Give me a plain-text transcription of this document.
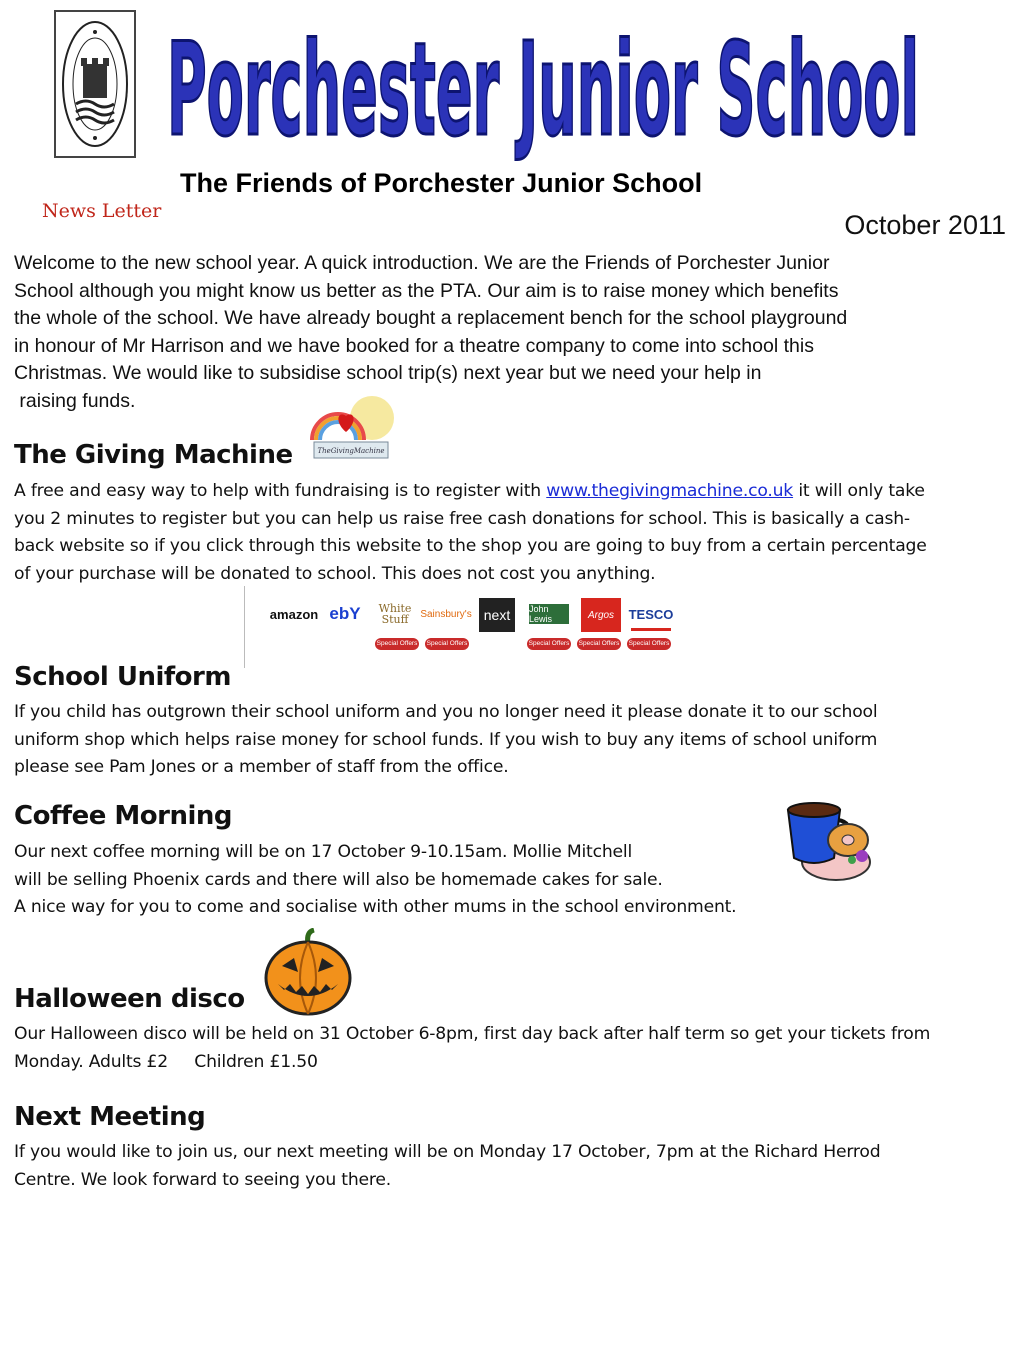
Porchester Junior School
The Friends of Porchester Junior School
News Letter	October 2011

Welcome to the new school year. A quick introduction. We are the Friends of Porchester Junior

School although you might know us better as the PTA. Our aim is to raise money which benefits

the whole of the school. We have already bought a replacement bench for the school playground

in honour of Mr Harrison and we have booked for a theatre company to come into school this

Christmas. We would like to subsidise school trip(s) next year but we need your help in

raising funds.

The Giving Machine	TheGivingMachine

A free and easy way to help with fundraising is to register with www.thegivingmachine.co.uk it will only take

you 2 minutes to register but you can help us raise free cash donations for school. This is basically a cash-

back website so if you click through this website to the shop you are going to buy from a certain percentage

of your purchase will be donated to school. This does not cost you anything.

amazon ebY	White Stuff	Sainsbury's next	John Lewis	Argos	TESCO
Special Offers Special Offers	Special Offers Special Offers Special Offers
School Uniform

If you child has outgrown their school uniform and you no longer need it please donate it to our school

uniform shop which helps raise money for school funds. If you wish to buy any items of school uniform

please see Pam Jones or a member of staff from the office.

Coffee Morning

Our next coffee morning will be on 17 October 9-10.15am. Mollie Mitchell

will be selling Phoenix cards and there will also be homemade cakes for sale.

A nice way for you to come and socialise with other mums in the school environment.

Halloween disco

Our Halloween disco will be held on 31 October 6-8pm, first day back after half term so get your tickets from

Monday. Adults £2     Children £1.50

Next Meeting

If you would like to join us, our next meeting will be on Monday 17 October, 7pm at the Richard Herrod

Centre. We look forward to seeing you there.
